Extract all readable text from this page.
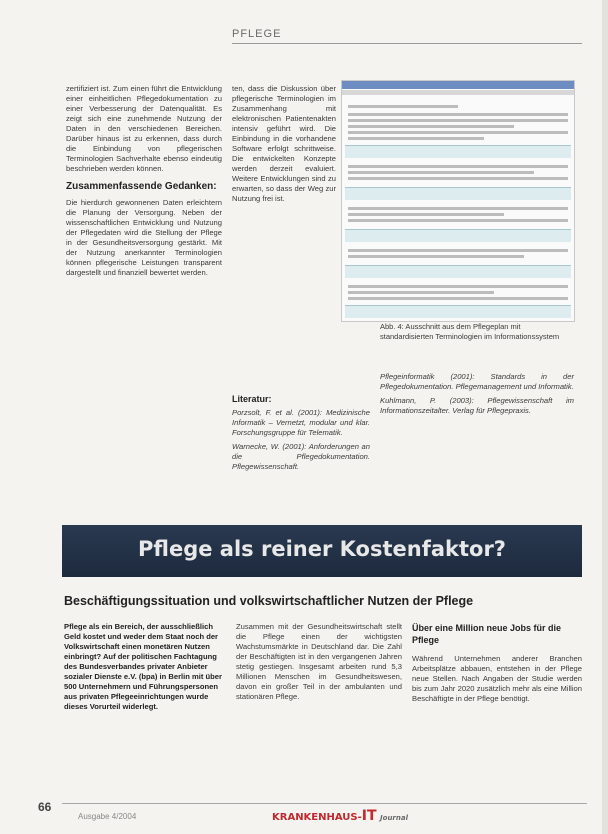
PFLEGE

zertifiziert ist. Zum einen führt die Entwicklung einer einheitlichen Pflegedokumentation zu einer Verbesserung der Datenqualität. Es zeigt sich eine zunehmende Nutzung der Daten in den verschiedenen Bereichen. Darüber hinaus ist zu erkennen, dass durch die Einbindung von pflegerischen Terminologien Sachverhalte ebenso eindeutig beschrieben werden können.

Zusammenfassende Gedanken:

Die hierdurch gewonnenen Daten erleichtern die Planung der Versorgung. Neben der wissenschaftlichen Entwicklung und Nutzung der Pflegedaten wird die Stellung der Pflege in der Gesundheitsversorgung gestärkt. Mit der Nutzung anerkannter Terminologien können pflegerische Leistungen transparent dargestellt und finanziell bewertet werden.

ten, dass die Diskussion über pflegerische Terminologien im Zusammenhang mit elektronischen Patientenakten intensiv geführt wird. Die Einbindung in die vorhandene Software erfolgt schrittweise. Die entwickelten Konzepte werden derzeit evaluiert. Weitere Entwicklungen sind zu erwarten, so dass der Weg zur Nutzung frei ist.

Literatur:

Porzsolt, F. et al. (2001): Medizinische Informatik – Vernetzt, modular und klar. Forschungsgruppe für Telematik.

Warnecke, W. (2001): Anforderungen an die Pflegedokumentation. Pflegewissenschaft.

Abb. 4: Ausschnitt aus dem Pflegeplan mit standardisierten Terminologien im Informationssystem

Pflegeinformatik (2001): Standards in der Pflegedokumentation. Pflegemanagement und Informatik.

Kuhlmann, P. (2003): Pflegewissenschaft im Informationszeitalter. Verlag für Pflegepraxis.

Pflege als reiner Kostenfaktor?
Beschäftigungssituation und volkswirtschaftlicher Nutzen der Pflege
Pflege als ein Bereich, der ausschließlich Geld kostet und weder dem Staat noch der Volkswirtschaft einen monetären Nutzen einbringt? Auf der politischen Fachtagung des Bundesverbandes privater Anbieter sozialer Dienste e.V. (bpa) in Berlin mit über 500 Unternehmern und Führungspersonen aus privaten Pflegeeinrichtungen wurde dieses Vorurteil widerlegt.

Zusammen mit der Gesundheitswirtschaft stellt die Pflege einen der wichtigsten Wachstumsmärkte in Deutschland dar. Die Zahl der Beschäftigten ist in den vergangenen Jahren stetig gestiegen. Insgesamt arbeiten rund 5,3 Millionen Menschen im Gesundheitswesen, davon ein großer Teil in der ambulanten und stationären Pflege.

Über eine Million neue Jobs für die Pflege

Während Unternehmen anderer Branchen Arbeitsplätze abbauen, entstehen in der Pflege neue Stellen. Nach Angaben der Studie werden bis zum Jahr 2020 zusätzlich mehr als eine Million Beschäftigte in der Pflege benötigt.

66
Ausgabe 4/2004	KRANKENHAUS-IT Journal
